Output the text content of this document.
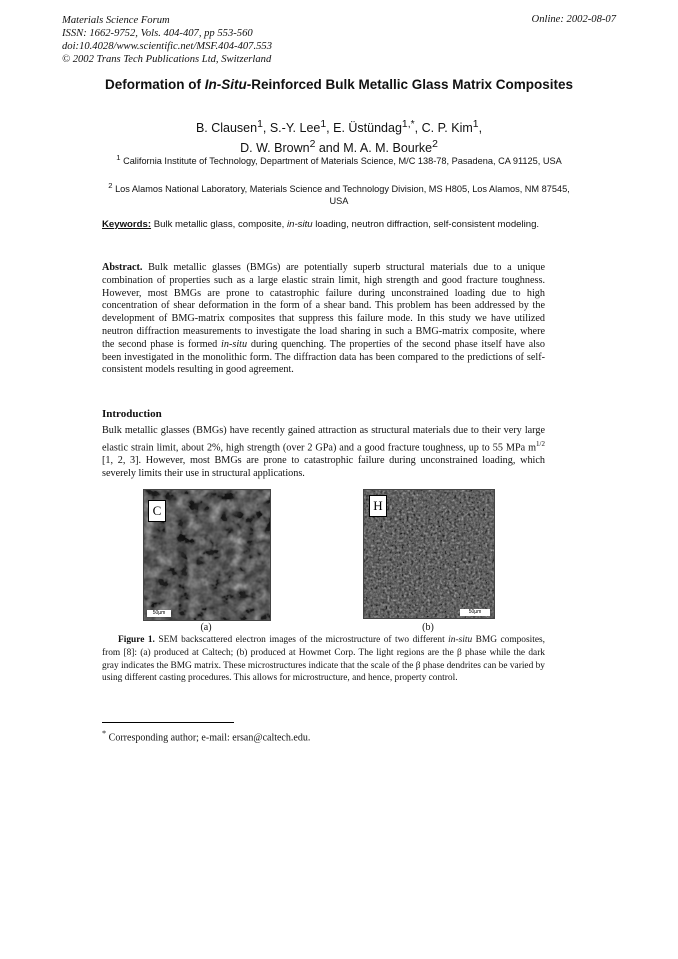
Materials Science Forum
ISSN: 1662-9752, Vols. 404-407, pp 553-560
doi:10.4028/www.scientific.net/MSF.404-407.553
© 2002 Trans Tech Publications Ltd, Switzerland
Online: 2002-08-07
Deformation of In-Situ-Reinforced Bulk Metallic Glass Matrix Composites
B. Clausen$^1$, S.-Y. Lee$^1$, E. Üstündag$^{1,*}$, C. P. Kim$^1$,
D. W. Brown$^2$ and M. A. M. Bourke$^2$
$^1$ California Institute of Technology, Department of Materials Science, M/C 138-78, Pasadena, CA 91125, USA
$^2$ Los Alamos National Laboratory, Materials Science and Technology Division, MS H805, Los Alamos, NM 87545, USA
Keywords: Bulk metallic glass, composite, in-situ loading, neutron diffraction, self-consistent modeling.
Abstract. Bulk metallic glasses (BMGs) are potentially superb structural materials due to a unique combination of properties such as a large elastic strain limit, high strength and good fracture toughness. However, most BMGs are prone to catastrophic failure during unconstrained loading due to high concentration of shear deformation in the form of a shear band. This problem has been addressed by the development of BMG-matrix composites that suppress this failure mode. In this study we have utilized neutron diffraction measurements to investigate the load sharing in such a BMG-matrix composite, where the second phase is formed in-situ during quenching. The properties of the second phase itself have also been investigated in the monolithic form. The diffraction data has been compared to the predictions of self-consistent models resulting in good agreement.
Introduction
Bulk metallic glasses (BMGs) have recently gained attraction as structural materials due to their very large elastic strain limit, about 2%, high strength (over 2 GPa) and a good fracture toughness, up to 55 MPa $m^{1/2}$ [1, 2, 3]. However, most BMGs are prone to catastrophic failure during unconstrained loading, which severely limits their use in structural applications.
C
50µm
(a)
H
50µm
(b)
Figure 1. SEM backscattered electron images of the microstructure of two different in-situ BMG composites, from [8]: (a) produced at Caltech; (b) produced at Howmet Corp. The light regions are the β phase while the dark gray indicates the BMG matrix. These microstructures indicate that the scale of the β phase dendrites can be varied by using different casting procedures. This allows for microstructure, and hence, property control.
* Corresponding author; e-mail: ersan@caltech.edu.
